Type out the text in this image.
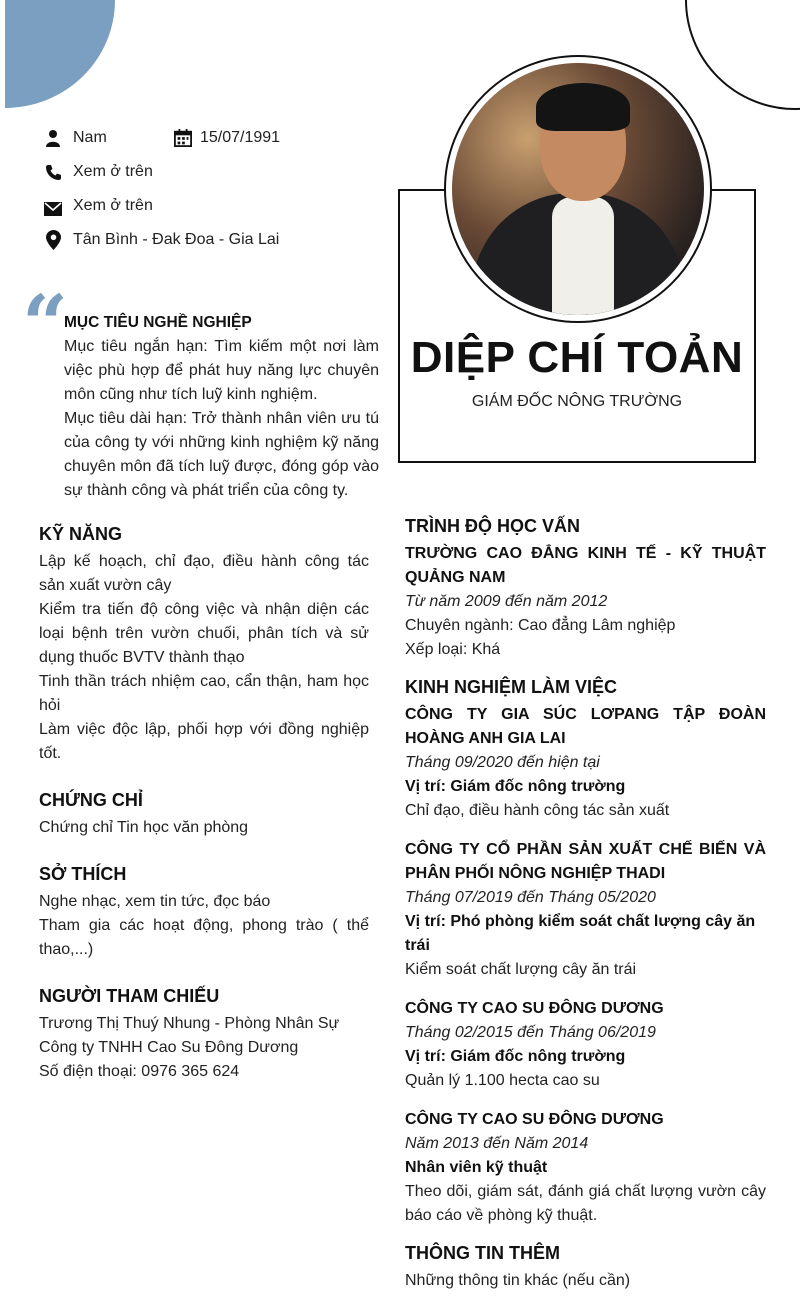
DIỆP CHÍ TOẢN
GIÁM ĐỐC NÔNG TRƯỜNG
Nam	15/07/1991
Xem ở trên
Xem ở trên
Tân Bình - Đak Đoa - Gia Lai
“
MỤC TIÊU NGHỀ NGHIỆP
Mục tiêu ngắn hạn: Tìm kiếm một nơi làm việc phù hợp để phát huy năng lực chuyên môn cũng như tích luỹ kinh nghiệm.
Mục tiêu dài hạn: Trở thành nhân viên ưu tú của công ty với những kinh nghiệm kỹ năng chuyên môn đã tích luỹ được, đóng góp vào sự thành công và phát triển của công ty.
KỸ NĂNG
Lập kế hoạch, chỉ đạo, điều hành công tác sản xuất vườn cây
Kiểm tra tiến độ công việc và nhận diện các loại bệnh trên vườn chuối, phân tích và sử dụng thuốc BVTV thành thạo
Tinh thần trách nhiệm cao, cẩn thận, ham học hỏi
Làm việc độc lập, phối hợp với đồng nghiệp tốt.
CHỨNG CHỈ
Chứng chỉ Tin học văn phòng
SỞ THÍCH
Nghe nhạc, xem tin tức, đọc báo
Tham gia các hoạt động, phong trào ( thể thao,...)
NGƯỜI THAM CHIẾU
Trương Thị Thuý Nhung - Phòng Nhân Sự
Công ty TNHH Cao Su Đông Dương
Số điện thoại: 0976 365 624
TRÌNH ĐỘ HỌC VẤN
TRƯỜNG CAO ĐẲNG KINH TẾ - KỸ THUẬT QUẢNG NAM
Từ năm 2009 đến năm 2012
Chuyên ngành: Cao đẳng Lâm nghiệp
Xếp loại: Khá
KINH NGHIỆM LÀM VIỆC
CÔNG TY GIA SÚC LƠPANG TẬP ĐOÀN HOÀNG ANH GIA LAI
Tháng 09/2020 đến hiện tại
Vị trí: Giám đốc nông trường
Chỉ đạo, điều hành công tác sản xuất
CÔNG TY CỔ PHẦN SẢN XUẤT CHẾ BIẾN VÀ PHÂN PHỐI NÔNG NGHIỆP THADI
Tháng 07/2019 đến Tháng 05/2020
Vị trí: Phó phòng kiểm soát chất lượng cây ăn trái
Kiểm soát chất lượng cây ăn trái
CÔNG TY CAO SU ĐÔNG DƯƠNG
Tháng 02/2015 đến Tháng 06/2019
Vị trí: Giám đốc nông trường
Quản lý 1.100 hecta cao su
CÔNG TY CAO SU ĐÔNG DƯƠNG
Năm 2013 đến Năm 2014
Nhân viên kỹ thuật
Theo dõi, giám sát, đánh giá chất lượng vườn cây báo cáo về phòng kỹ thuật.
THÔNG TIN THÊM
Những thông tin khác (nếu cần)
